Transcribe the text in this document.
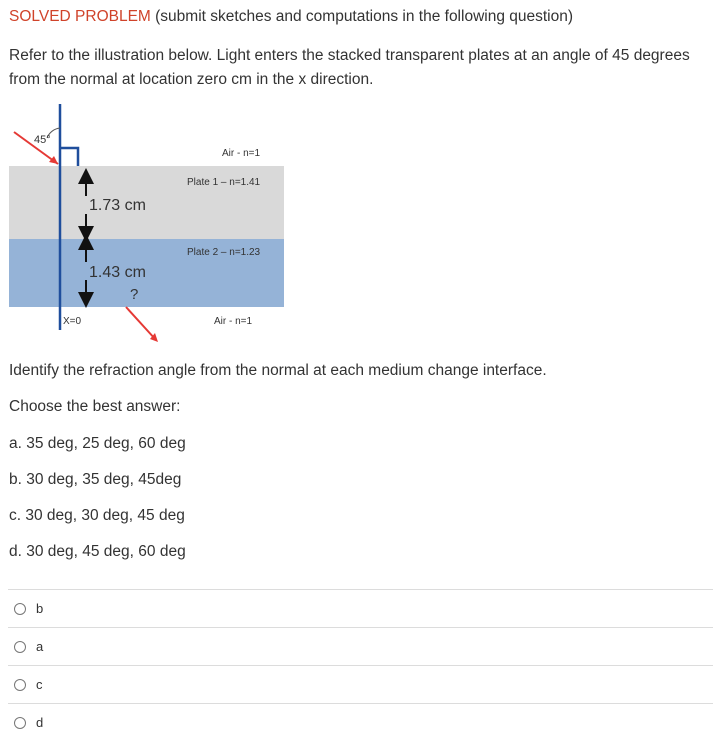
SOLVED PROBLEM (submit sketches and computations in the following question)
Refer to the illustration below. Light enters the stacked transparent plates at an angle of 45 degrees from the normal at location zero cm in the x direction.
45°
1.73 cm
1.43 cm
?
Air - n=1
Plate 1 – n=1.41
Plate 2 – n=1.23
Air - n=1
X=0
Identify the refraction angle from the normal at each medium change interface.
Choose the best answer:
a. 35 deg, 25 deg, 60 deg
b. 30 deg, 35 deg, 45deg
c. 30 deg, 30 deg, 45 deg
d. 30 deg, 45 deg, 60 deg
b
a
c
d
